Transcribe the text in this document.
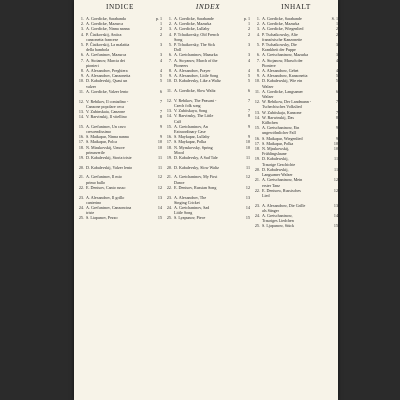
INDICE
1. A. Goedicke, Sarabanda	p. 1
2. A. Goedicke, Mazurca	1
3. A. Goedicke, Ninna nanna	2
4. P. Čiaikovskij, Antica	2
canzonetta francese
5. P. Čiaikovskij, La malattia	3
della bambola
6. A. Grečaninov, Mazurca	3
7. A. Stoianov, Marcia dei	4
pionieri
8. A. Alexandrov, Preghiera	4
9. A. Alexandrov, Canzonetta	5
10. D. Kabalevskij, Quasi un	5
valzer
11. A. Goedicke, Valzer lento	6
12. V. Rebikov, Il contadino -	7
Canzone popolare ceca
13. V. Zubinskaia, Canzone	7
14. V. Barvinskij, Il vitellino	8
15. A. Grečaninov, Un cavo	9
crescendissimo
16. S. Maikapar, Ninna nanna	9
17. S. Maikapar, Polca	10
18. N. Miaskovskij, Umore	10
primaverile
19. D. Kabalevskij, Storia triste	11
20. D. Kabalevskij, Valzer lento	11
21. A. Grečaninov, Il mio	12
primo ballo
22. E. Denisov, Canto russo	12
23. A. Alexandrov, Il grillo	13
canterino
24. A. Grečaninov, Canzoncina	14
triste
25. S. Liapunov, Pezzo	15
INDEX
1. A. Goedicke, Sarabande	p. 1
2. A. Goedicke, Mazurka	1
3. A. Goedicke, Lullaby	2
4. P. Tchaikovsky, Old French	2
Song
5. P. Tchaikovsky, The Sick	3
Doll
6. A. Gretchaninov, Mazurka	3
7. A. Stoyanov, March of the	4
Pioneers
8. A. Alexandrov, Prayer	4
9. A. Alexandrov, Little Song	5
10. D. Kabalevsky, Like a Waltz	5
11. A. Goedicke, Slow Waltz	6
12. V. Rebikov, The Peasant -	7
Czech folk song
13. V. Zubitskaya, Song	7
14. V. Barvinsky, The Little	8
Calf
15. A. Gretchaninov, An	9
Extraordinary Case
16. S. Maykapar, Lullaby	9
17. S. Maykapar, Polka	10
18. N. Myaskovsky, Spring	10
Mood
19. D. Kabalevsky, A Sad Tale	11
20. D. Kabalevsky, Slow Waltz	11
21. A. Gretchaninov, My First	12
Dance
22. E. Denisov, Russian Song	12
23. A. Alexandrov, The	13
Singing Cricket
24. A. Gretchaninov, Sad	14
Little Song
25. S. Lyapunov, Piece	15
INHALT
1. A. Goedicke, Sarabande	S. 1
2. A. Goedicke, Mazurka	1
3. A. Goedicke, Wiegenlied	2
4. P. Tschaikowsky, Alte	2
französische Kanzonette
5. P. Tschaikowsky, Die	3
Krankheit der Puppe
6. A. Gretschaninow, Mazurka	3
7. A. Stojanow, Marsch der	4
Pioniere
8. A. Alexandrow, Gebet	4
9. A. Alexandrow, Kanzonetta	5
10. D. Kabalewskij, Wie ein	5
Walzer
11. A. Goedicke, Langsamer	6
Walzer
12. W. Rebikow, Der Landmann -	7
Tschechisches Volkslied
13. W. Zubitskaja, Kanzone	7
14. W. Barwinskij, Das	8
Kälbchen
15. A. Gretschaninow, Ein	9
ungewöhnlicher Fall
16. S. Maikapar, Wiegenlied	9
17. S. Maikapar, Polka	10
18. N. Mjaskowskij,	10
Frühlingslaune
19. D. Kabalewskij,	11
Traurige Geschichte
20. D. Kabalewskij,	11
Langsamer Walzer
21. A. Gretschaninow, Mein	12
erster Tanz
22. E. Denisow, Russisches	12
Lied
23. A. Alexandrow, Die Grille	13
als Sänger
24. A. Gretschaninow,	14
Trauriges Liedchen
25. S. Ljapunow, Stück	15
